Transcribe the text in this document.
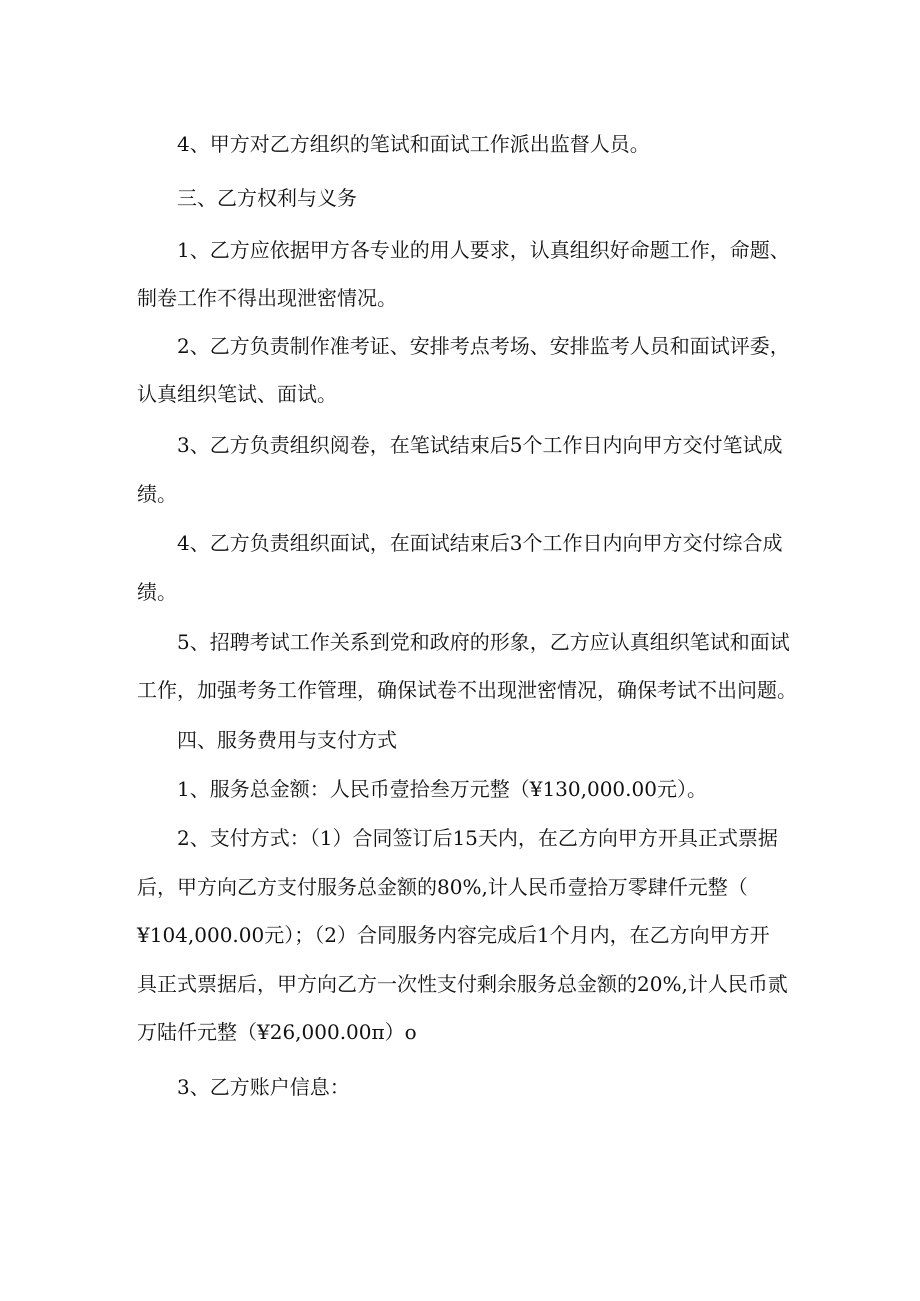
4、甲方对乙方组织的笔试和面试工作派出监督人员。
三、乙方权利与义务
1、乙方应依据甲方各专业的用人要求，认真组织好命题工作，命题、
制卷工作不得出现泄密情况。
2、乙方负责制作准考证、安排考点考场、安排监考人员和面试评委，
认真组织笔试、面试。
3、乙方负责组织阅卷，在笔试结束后5个工作日内向甲方交付笔试成
绩。
4、乙方负责组织面试，在面试结束后3个工作日内向甲方交付综合成
绩。
5、招聘考试工作关系到党和政府的形象，乙方应认真组织笔试和面试
工作，加强考务工作管理，确保试卷不出现泄密情况，确保考试不出问题。
四、服务费用与支付方式
1、服务总金额：人民币壹拾叁万元整（¥130,000.00元）。
2、支付方式：（1）合同签订后15天内，在乙方向甲方开具正式票据
后，甲方向乙方支付服务总金额的80%,计人民币壹拾万零肆仟元整（
¥104,000.00元）；（2）合同服务内容完成后1个月内，在乙方向甲方开
具正式票据后，甲方向乙方一次性支付剩余服务总金额的20%,计人民币贰
万陆仟元整（¥26,000.00π）o
3、乙方账户信息：
